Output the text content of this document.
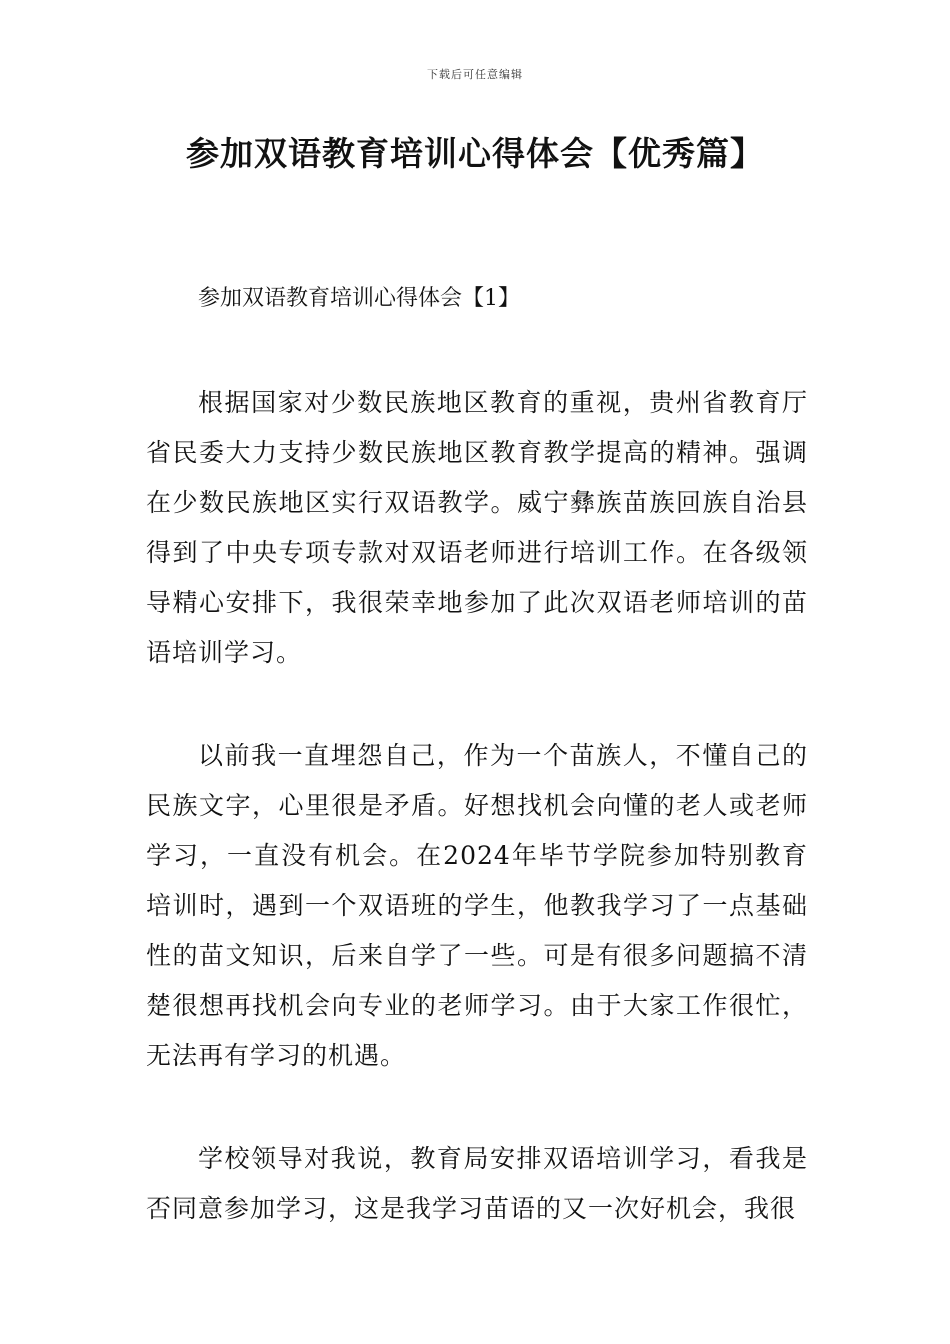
下载后可任意编辑
参加双语教育培训心得体会【优秀篇】

参加双语教育培训心得体会【1】

根据国家对少数民族地区教育的重视，贵州省教育厅省民委大力支持少数民族地区教育教学提高的精神。强调在少数民族地区实行双语教学。威宁彝族苗族回族自治县得到了中央专项专款对双语老师进行培训工作。在各级领导精心安排下，我很荣幸地参加了此次双语老师培训的苗语培训学习。

以前我一直埋怨自己，作为一个苗族人，不懂自己的民族文字，心里很是矛盾。好想找机会向懂的老人或老师学习，一直没有机会。在2024年毕节学院参加特别教育培训时，遇到一个双语班的学生，他教我学习了一点基础性的苗文知识，后来自学了一些。可是有很多问题搞不清楚很想再找机会向专业的老师学习。由于大家工作很忙，无法再有学习的机遇。

学校领导对我说，教育局安排双语培训学习，看我是否同意参加学习，这是我学习苗语的又一次好机会，我很
